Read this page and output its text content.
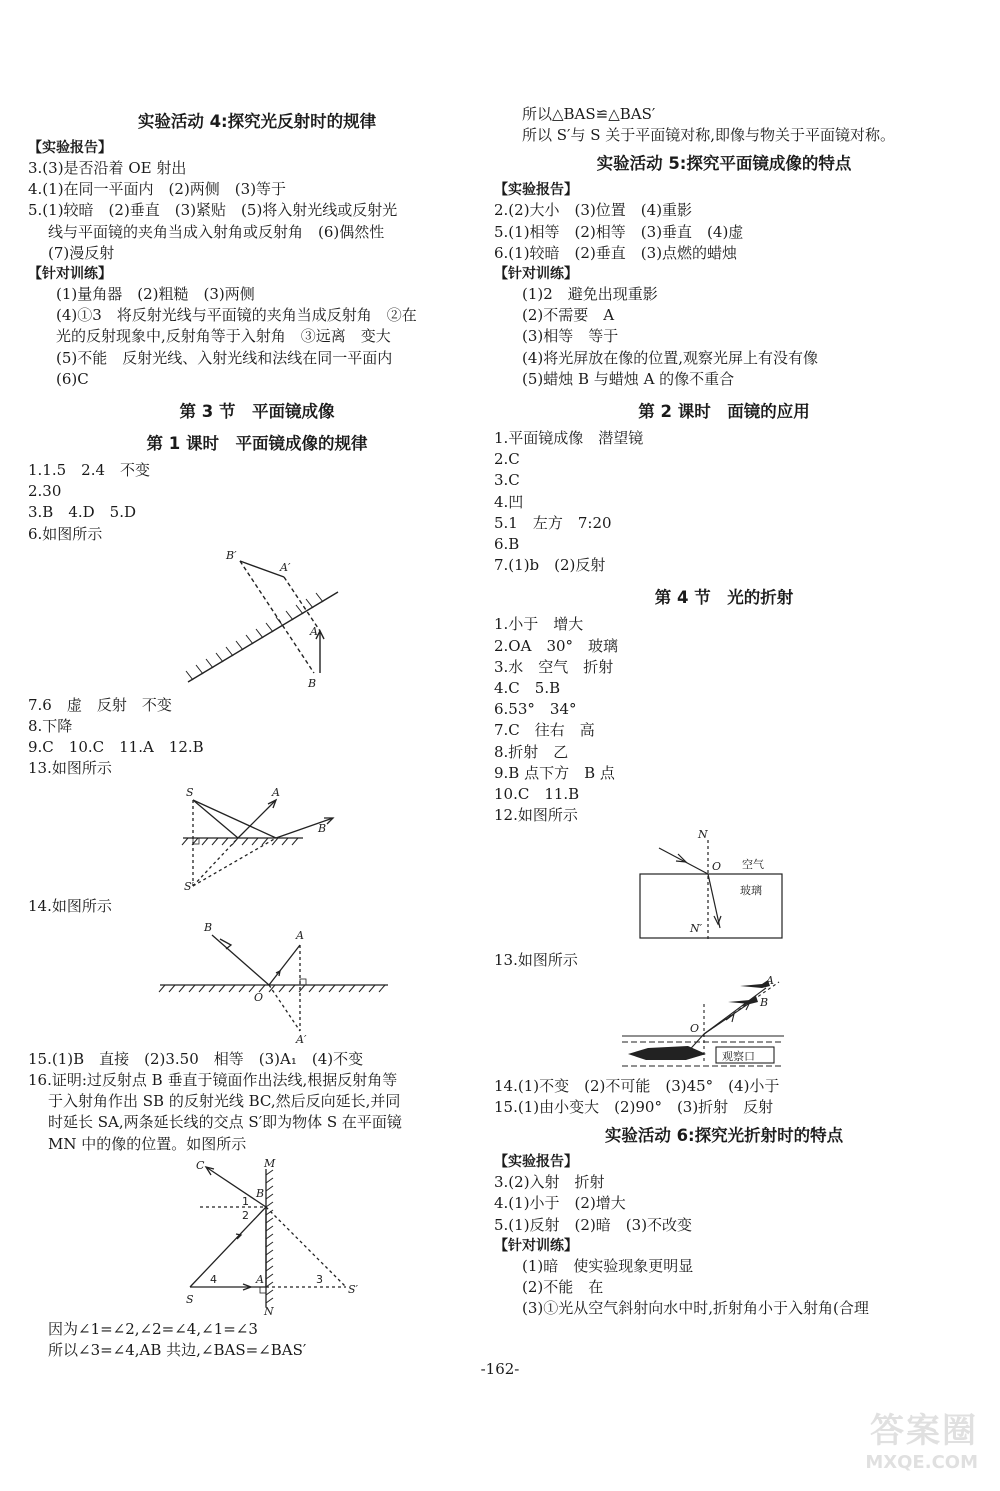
实验活动 4:探究光反射时的规律
【实验报告】
3.(3)是否沿着 OE 射出
4.(1)在同一平面内　(2)两侧　(3)等于
5.(1)较暗　(2)垂直　(3)紧贴　(5)将入射光线或反射光
线与平面镜的夹角当成入射角或反射角　(6)偶然性
(7)漫反射
【针对训练】
(1)量角器　(2)粗糙　(3)两侧
(4)①3　将反射光线与平面镜的夹角当成反射角　②在
光的反射现象中,反射角等于入射角　③远离　变大
(5)不能　反射光线、入射光线和法线在同一平面内
(6)C
第 3 节　平面镜成像
第 1 课时　平面镜成像的规律
1.1.5　2.4　不变
2.30
3.B　4.D　5.D
6.如图所示
B′
A′
A
B
7.6　虚　反射　不变
8.下降
9.C　10.C　11.A　12.B
13.如图所示
S	A
B
S′
14.如图所示
B
A
O
A′
15.(1)B　直接　(2)3.50　相等　(3)A₁　(4)不变
16.证明:过反射点 B 垂直于镜面作出法线,根据反射角等
于入射角作出 SB 的反射光线 BC,然后反向延长,并同
时延长 SA,两条延长线的交点 S′即为物体 S 在平面镜
MN 中的像的位置。如图所示
C	M
B
1
2
4	A
S
N
3
S′
因为∠1=∠2,∠2=∠4,∠1=∠3
所以∠3=∠4,AB 共边,∠BAS=∠BAS′
所以△BAS≌△BAS′
所以 S′与 S 关于平面镜对称,即像与物关于平面镜对称。
实验活动 5:探究平面镜成像的特点
【实验报告】
2.(2)大小　(3)位置　(4)重影
5.(1)相等　(2)相等　(3)垂直　(4)虚
6.(1)较暗　(2)垂直　(3)点燃的蜡烛
【针对训练】
(1)2　避免出现重影
(2)不需要　A
(3)相等　等于
(4)将光屏放在像的位置,观察光屏上有没有像
(5)蜡烛 B 与蜡烛 A 的像不重合
第 2 课时　面镜的应用
1.平面镜成像　潜望镜
2.C
3.C
4.凹
5.1　左方　7:20
6.B
7.(1)b　(2)反射
第 4 节　光的折射
1.小于　增大
2.OA　30°　玻璃
3.水　空气　折射
4.C　5.B
6.53°　34°
7.C　往右　高
8.折射　乙
9.B 点下方　B 点
10.C　11.B
12.如图所示
N
O 空气
玻璃
N′
13.如图所示
A
B
O
观察口
14.(1)不变　(2)不可能　(3)45°　(4)小于
15.(1)由小变大　(2)90°　(3)折射　反射
实验活动 6:探究光折射时的特点
【实验报告】
3.(2)入射　折射
4.(1)小于　(2)增大
5.(1)反射　(2)暗　(3)不改变
【针对训练】
(1)暗　使实验现象更明显
(2)不能　在
(3)①光从空气斜射向水中时,折射角小于入射角(合理
-162-
答案圈
MXQE.COM
